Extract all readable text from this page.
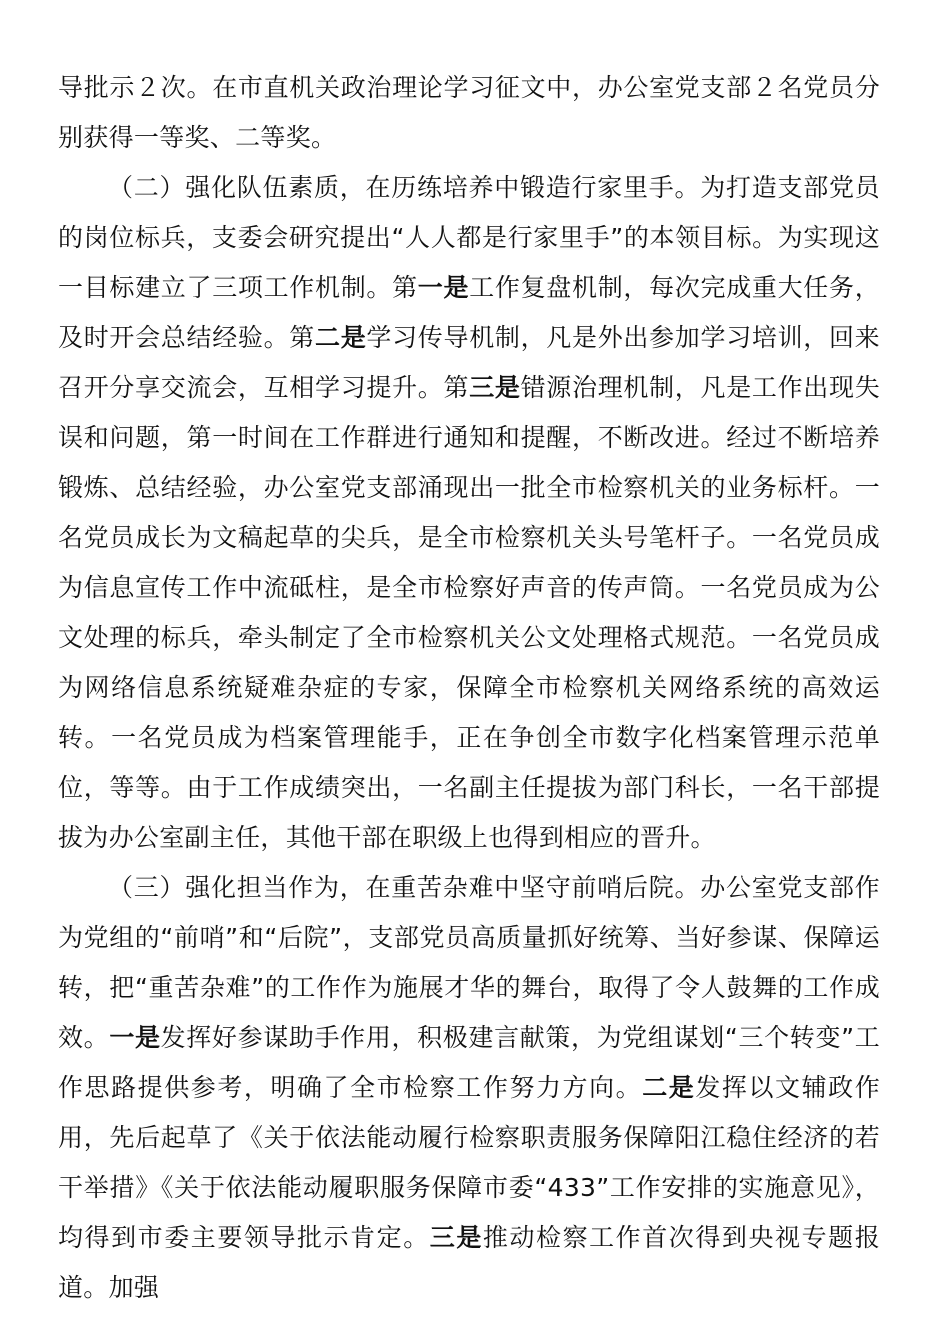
导批示２次。在市直机关政治理论学习征文中，办公室党支部２名党员分别获得一等奖、二等奖。

（二）强化队伍素质，在历练培养中锻造行家里手。为打造支部党员的岗位标兵，支委会研究提出“人人都是行家里手”的本领目标。为实现这一目标建立了三项工作机制。第一是工作复盘机制，每次完成重大任务，及时开会总结经验。第二是学习传导机制，凡是外出参加学习培训，回来召开分享交流会，互相学习提升。第三是错源治理机制，凡是工作出现失误和问题，第一时间在工作群进行通知和提醒，不断改进。经过不断培养锻炼、总结经验，办公室党支部涌现出一批全市检察机关的业务标杆。一名党员成长为文稿起草的尖兵，是全市检察机关头号笔杆子。一名党员成为信息宣传工作中流砥柱，是全市检察好声音的传声筒。一名党员成为公文处理的标兵，牵头制定了全市检察机关公文处理格式规范。一名党员成为网络信息系统疑难杂症的专家，保障全市检察机关网络系统的高效运转。一名党员成为档案管理能手，正在争创全市数字化档案管理示范单位，等等。由于工作成绩突出，一名副主任提拔为部门科长，一名干部提拔为办公室副主任，其他干部在职级上也得到相应的晋升。

（三）强化担当作为，在重苦杂难中坚守前哨后院。办公室党支部作为党组的“前哨”和“后院”，支部党员高质量抓好统筹、当好参谋、保障运转，把“重苦杂难”的工作作为施展才华的舞台，取得了令人鼓舞的工作成效。一是发挥好参谋助手作用，积极建言献策，为党组谋划“三个转变”工作思路提供参考，明确了全市检察工作努力方向。二是发挥以文辅政作用，先后起草了《关于依法能动履行检察职责服务保障阳江稳住经济的若干举措》《关于依法能动履职服务保障市委“433”工作安排的实施意见》，均得到市委主要领导批示肯定。三是推动检察工作首次得到央视专题报道。加强
